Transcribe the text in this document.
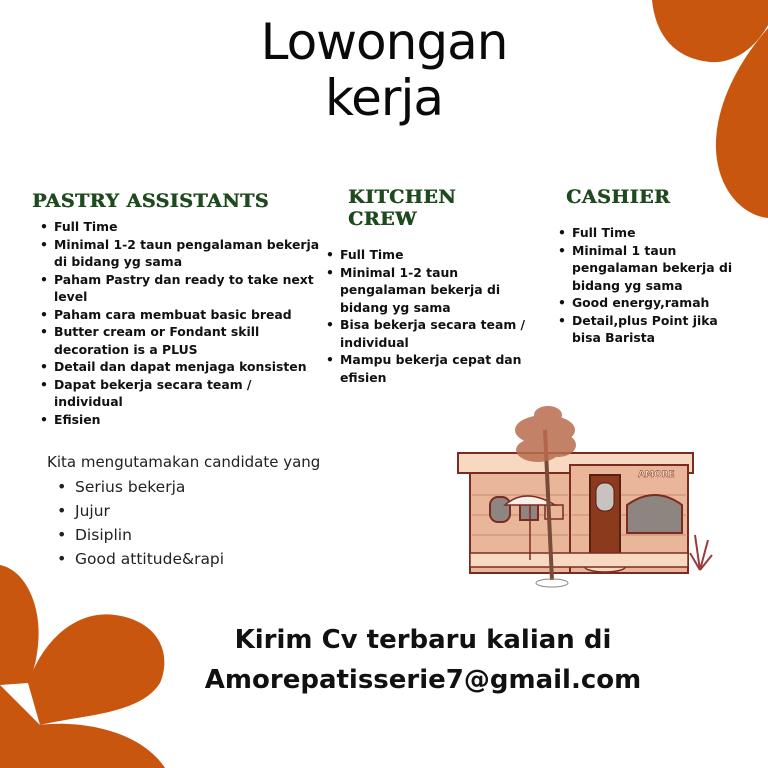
Lowongan
kerja
PASTRY ASSISTANTS
• Full Time
• Minimal 1-2 taun pengalaman bekerja di bidang yg sama
• Paham Pastry dan ready to take next level
• Paham cara membuat basic bread
• Butter cream or Fondant skill decoration is a PLUS
• Detail dan dapat menjaga konsisten
• Dapat bekerja secara team / individual
• Efisien
KITCHEN CREW
• Full Time
• Minimal 1-2 taun pengalaman bekerja di bidang yg sama
• Bisa bekerja secara team / individual
• Mampu bekerja cepat dan efisien
CASHIER
• Full Time
• Minimal 1 taun pengalaman bekerja di bidang yg sama
• Good energy,ramah
• Detail,plus Point jika bisa Barista

Kita mengutamakan candidate yang

• Serius bekerja
• Jujur
• Disiplin
• Good attitude&rapi
AMORE
Kirim Cv terbaru kalian di
Amorepatisserie7@gmail.com
